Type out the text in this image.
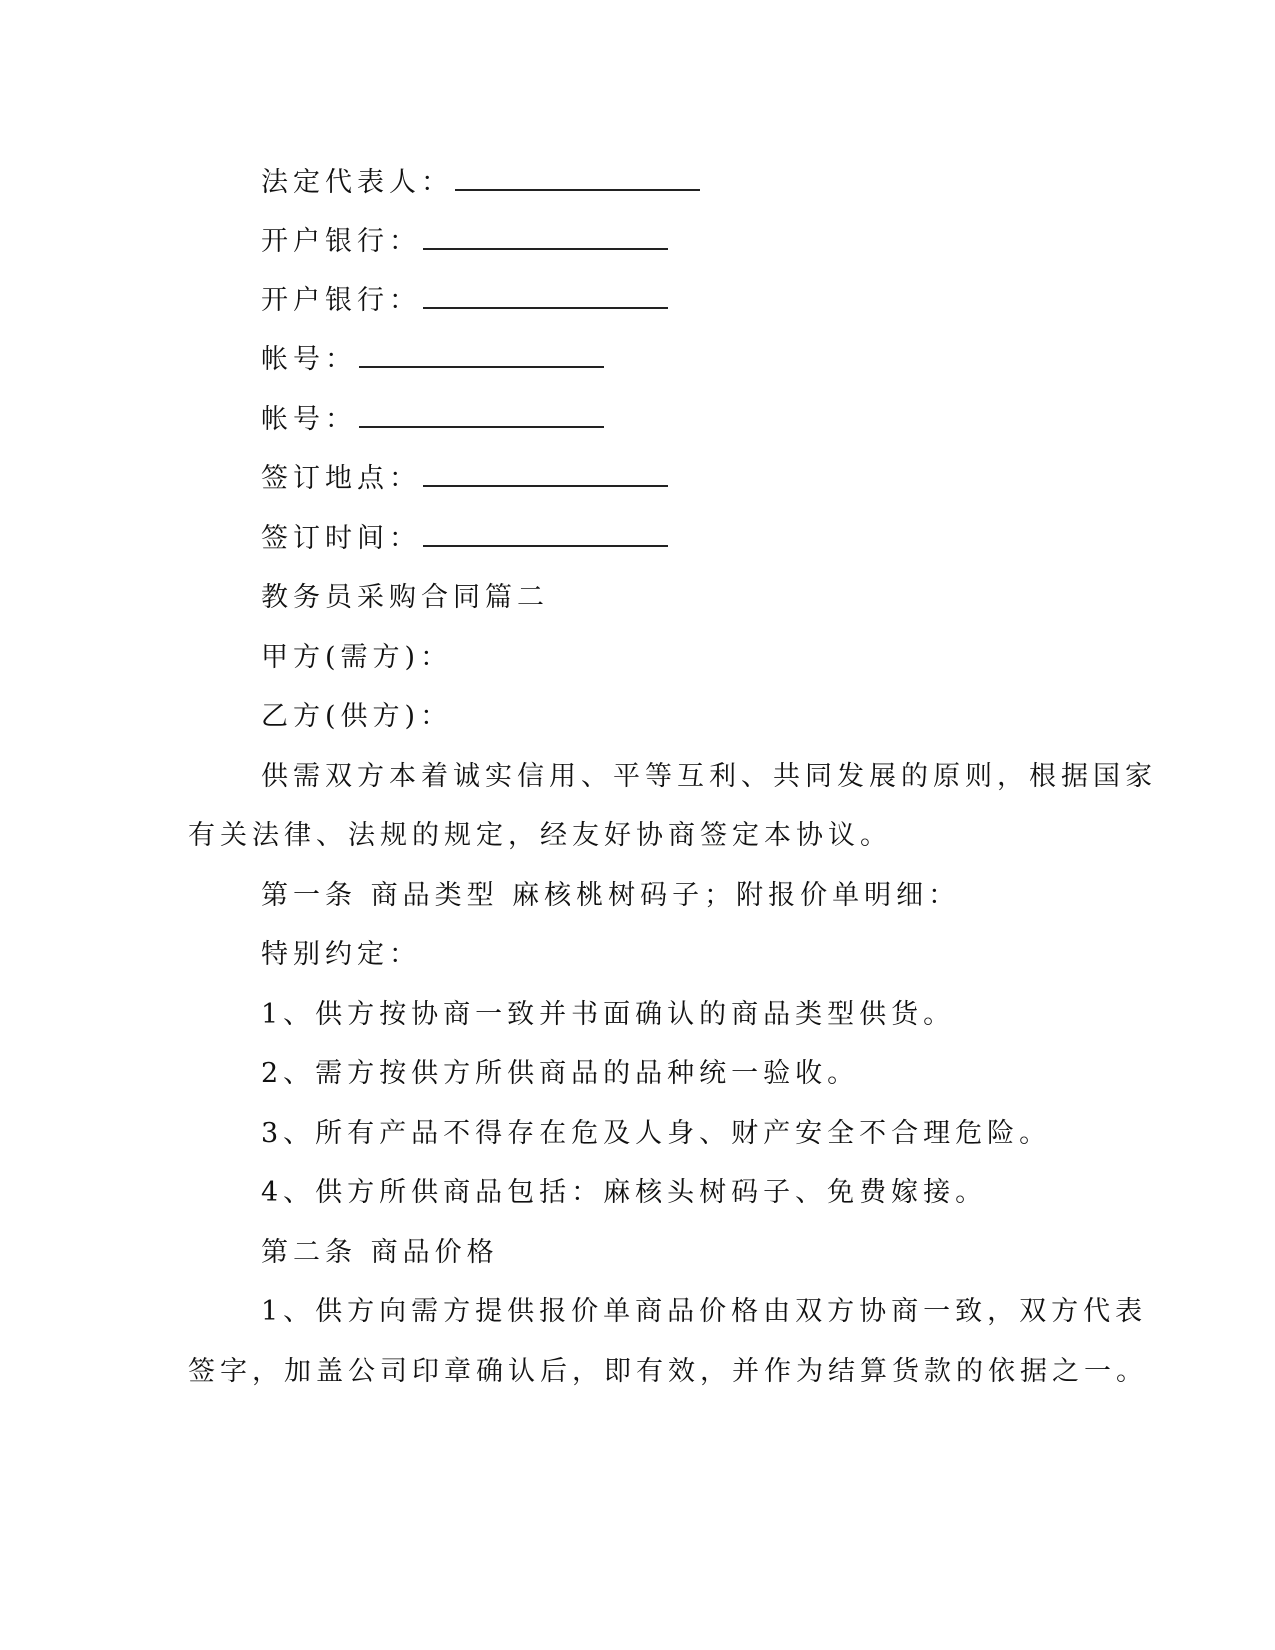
法定代表人：
开户银行：
开户银行：
帐号：
帐号：
签订地点：
签订时间：
教务员采购合同篇二
甲方(需方)：
乙方(供方)：
供需双方本着诚实信用、平等互利、共同发展的原则，根据国家
有关法律、法规的规定，经友好协商签定本协议。
第一条 商品类型 麻核桃树码子；附报价单明细：
特别约定：
1、供方按协商一致并书面确认的商品类型供货。
2、需方按供方所供商品的品种统一验收。
3、所有产品不得存在危及人身、财产安全不合理危险。
4、供方所供商品包括：麻核头树码子、免费嫁接。
第二条 商品价格
1、供方向需方提供报价单商品价格由双方协商一致，双方代表
签字，加盖公司印章确认后，即有效，并作为结算货款的依据之一。
